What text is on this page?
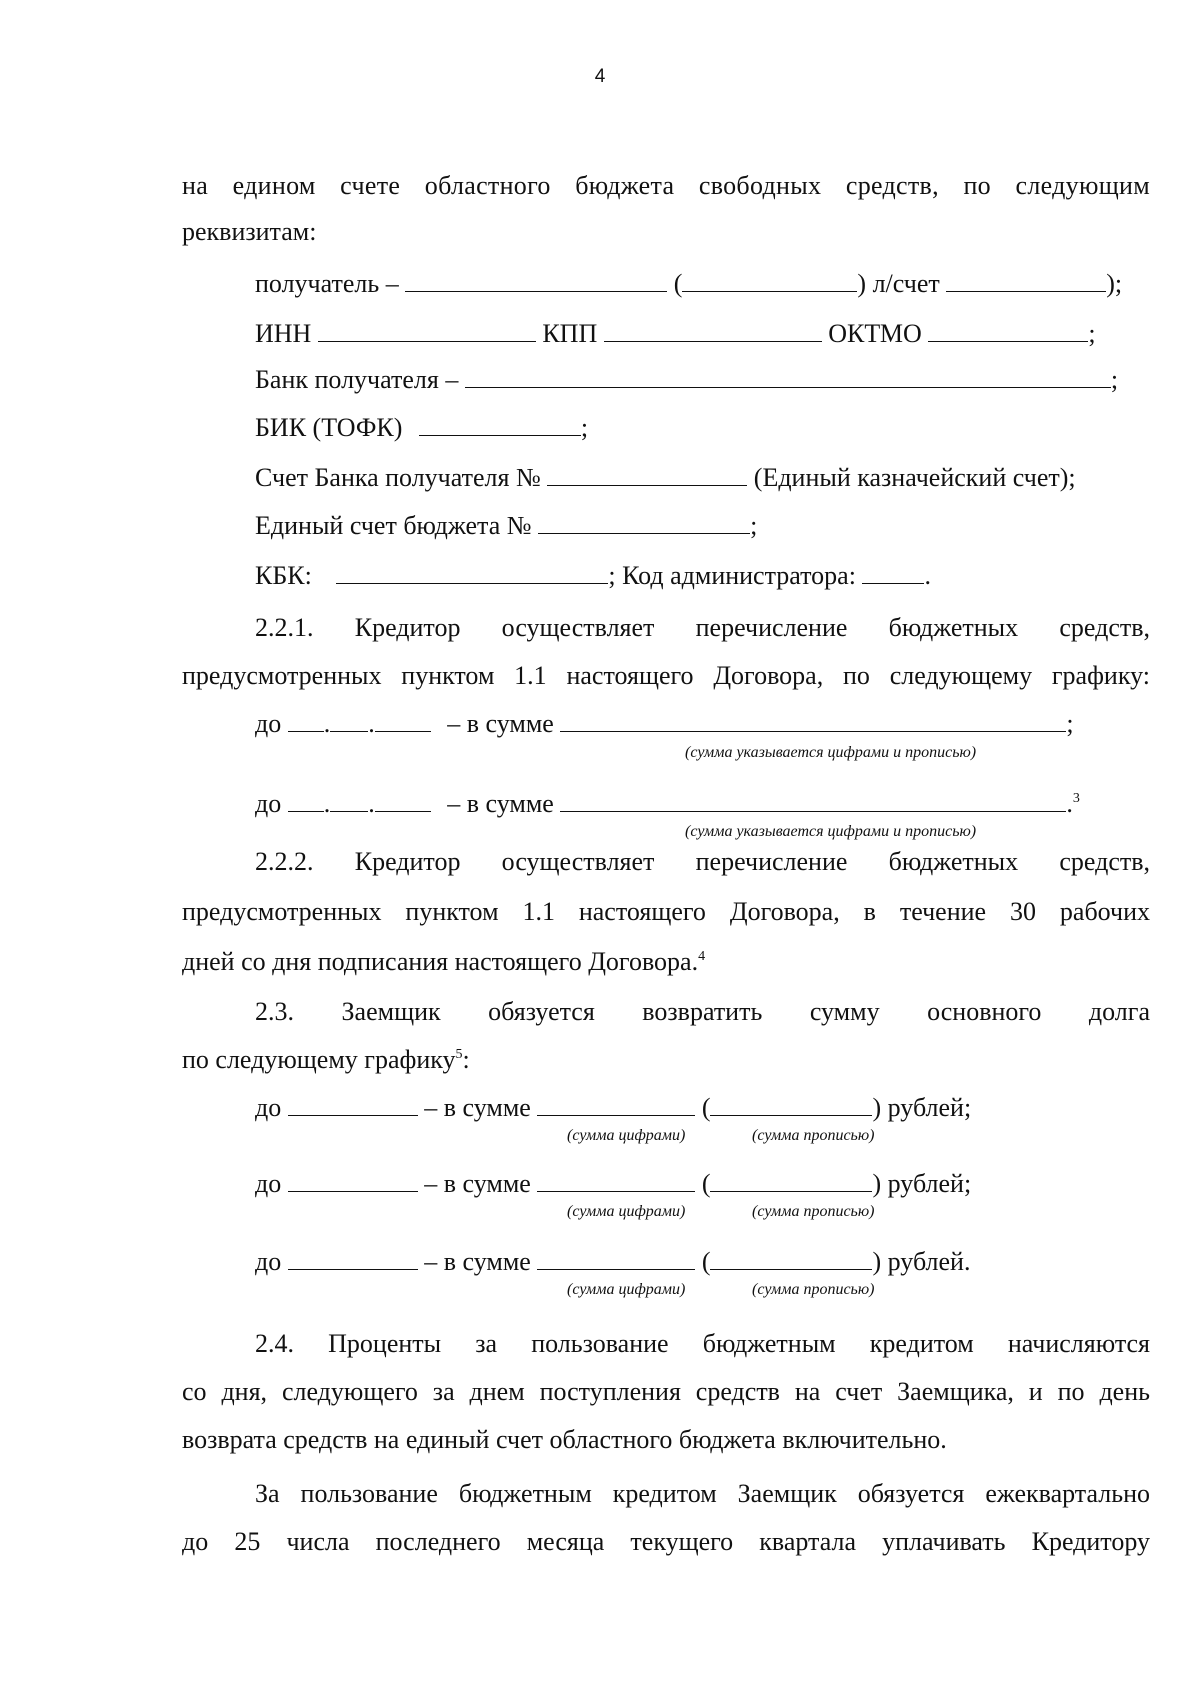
4
на едином счете областного бюджета свободных средств, по следующим
реквизитам:
получатель –	(	) л/счет	);
ИНН	КПП	ОКТМО	;
Банк получателя –	;
БИК (ТОФК)	;
Счет Банка получателя №	(Единый казначейский счет);
Единый счет бюджета №	;
КБК:	; Код администратора:	.
2.2.1. Кредитор осуществляет перечисление бюджетных средств,
предусмотренных пунктом 1.1 настоящего Договора, по следующему графику:
до . .	– в сумме	;
(сумма указывается цифрами и прописью)
до . .	– в сумме	.$^3$
(сумма указывается цифрами и прописью)
2.2.2. Кредитор осуществляет перечисление бюджетных средств,
предусмотренных пунктом 1.1 настоящего Договора, в течение 30 рабочих
дней со дня подписания настоящего Договора.$^4$
2.3. Заемщик обязуется возвратить сумму основного долга
по следующему графику$^5$:
до	– в сумме	(	) рублей;
(сумма цифрами)	(сумма прописью)
до	– в сумме	(	) рублей;
(сумма цифрами)	(сумма прописью)
до	– в сумме	(	) рублей.
(сумма цифрами)	(сумма прописью)
2.4. Проценты за пользование бюджетным кредитом начисляются
со дня, следующего за днем поступления средств на счет Заемщика, и по день
возврата средств на единый счет областного бюджета включительно.
За пользование бюджетным кредитом Заемщик обязуется ежеквартально
до 25 числа последнего месяца текущего квартала уплачивать Кредитору
